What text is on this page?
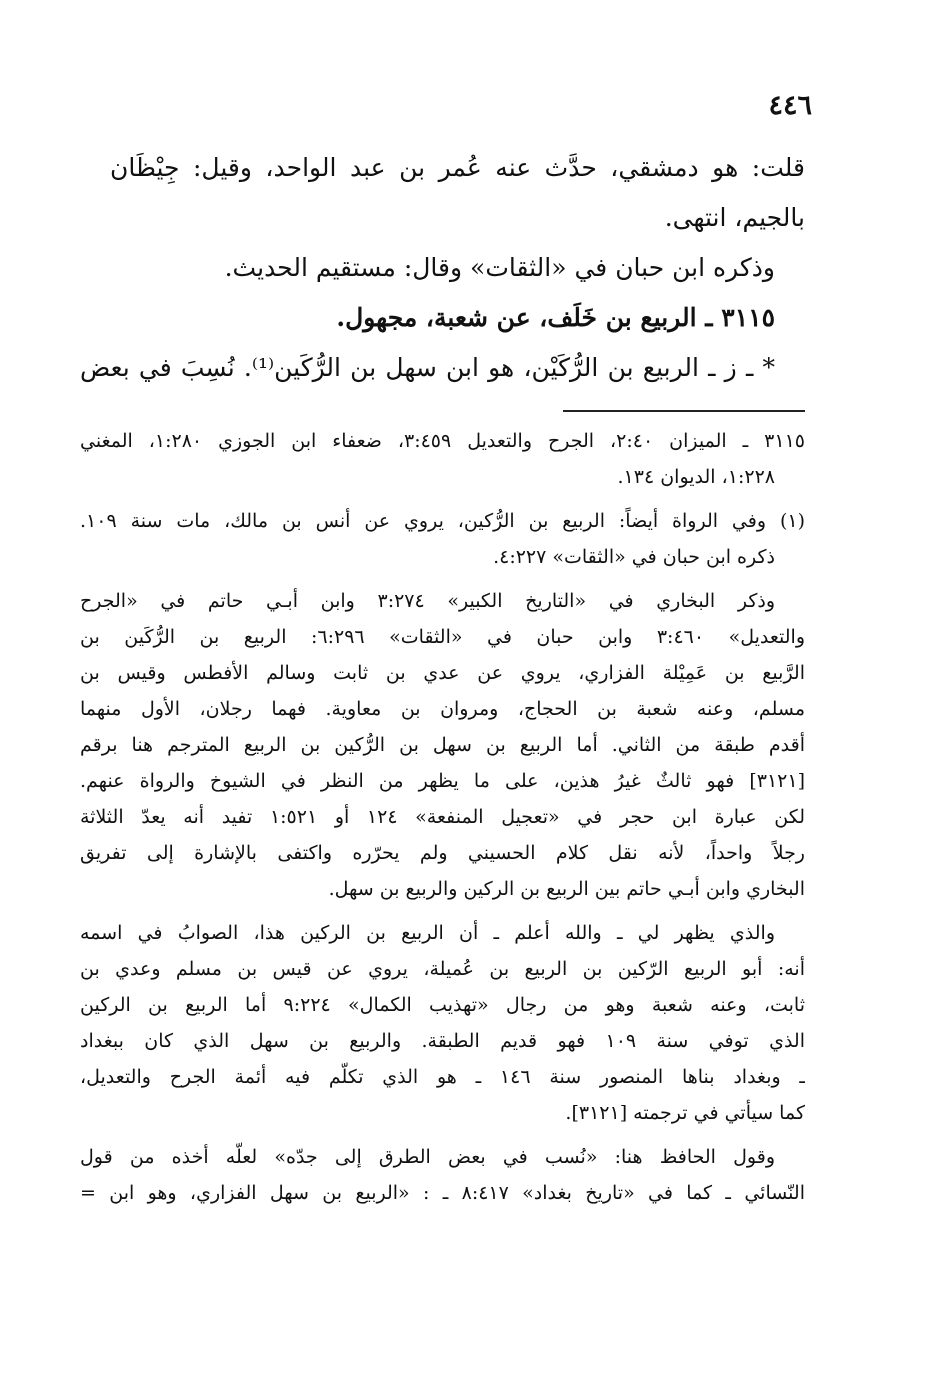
٤٤٦
قلت: هو دمشقي، حدَّث عنه عُمر بن عبد الواحد، وقيل: جِيْظَان
بالجيم، انتهى.
وذكره ابن حبان في «الثقات» وقال: مستقيم الحديث.
٣١١٥ ـ الربيع بن خَلَف، عن شعبة، مجهول.
* ـ ز ـ الربيع بن الرُّكَيْن، هو ابن سهل بن الرُّكَين⁽¹⁾. نُسِبَ في بعض
٣١١٥ ـ الميزان ٢:٤٠، الجرح والتعديل ٣:٤٥٩، ضعفاء ابن الجوزي ١:٢٨٠، المغني
١:٢٢٨، الديوان ١٣٤.
(١) وفي الرواة أيضاً: الربيع بن الرُّكين، يروي عن أنس بن مالك، مات سنة ١٠٩.
ذكره ابن حبان في «الثقات» ٤:٢٢٧.
وذكر البخاري في «التاريخ الكبير» ٣:٢٧٤ وابن أبـي حاتم في «الجرح
والتعديل» ٣:٤٦٠ وابن حبان في «الثقات» ٦:٢٩٦: الربيع بن الرُّكَين بن
الرَّبيع بن عَمِيْلة الفزاري، يروي عن عدي بن ثابت وسالم الأفطس وقيس بن
مسلم، وعنه شعبة بن الحجاج، ومروان بن معاوية. فهما رجلان، الأول منهما
أقدم طبقة من الثاني. أما الربيع بن سهل بن الرُّكين بن الربيع المترجم هنا برقم
[٣١٢١] فهو ثالثٌ غيرُ هذين، على ما يظهر من النظر في الشيوخ والرواة عنهم.
لكن عبارة ابن حجر في «تعجيل المنفعة» ١٢٤ أو ١:٥٢١ تفيد أنه يعدّ الثلاثة
رجلاً واحداً، لأنه نقل كلام الحسيني ولم يحرّره واكتفى بالإشارة إلى تفريق
البخاري وابن أبـي حاتم بين الربيع بن الركين والربيع بن سهل.
والذي يظهر لي ـ والله أعلم ـ أن الربيع بن الركين هذا، الصوابُ في اسمه
أنه: أبو الربيع الرّكين بن الربيع بن عُميلة، يروي عن قيس بن مسلم وعدي بن
ثابت، وعنه شعبة وهو من رجال «تهذيب الكمال» ٩:٢٢٤ أما الربيع بن الركين
الذي توفي سنة ١٠٩ فهو قديم الطبقة. والربيع بن سهل الذي كان ببغداد
ـ وبغداد بناها المنصور سنة ١٤٦ ـ هو الذي تكلّم فيه أئمة الجرح والتعديل،
كما سيأتي في ترجمته [٣١٢١].
وقول الحافظ هنا: «نُسب في بعض الطرق إلى جدّه» لعلّه أخذه من قول
النّسائي ـ كما في «تاريخ بغداد» ٨:٤١٧ ـ : «الربيع بن سهل الفزاري، وهو ابن =
